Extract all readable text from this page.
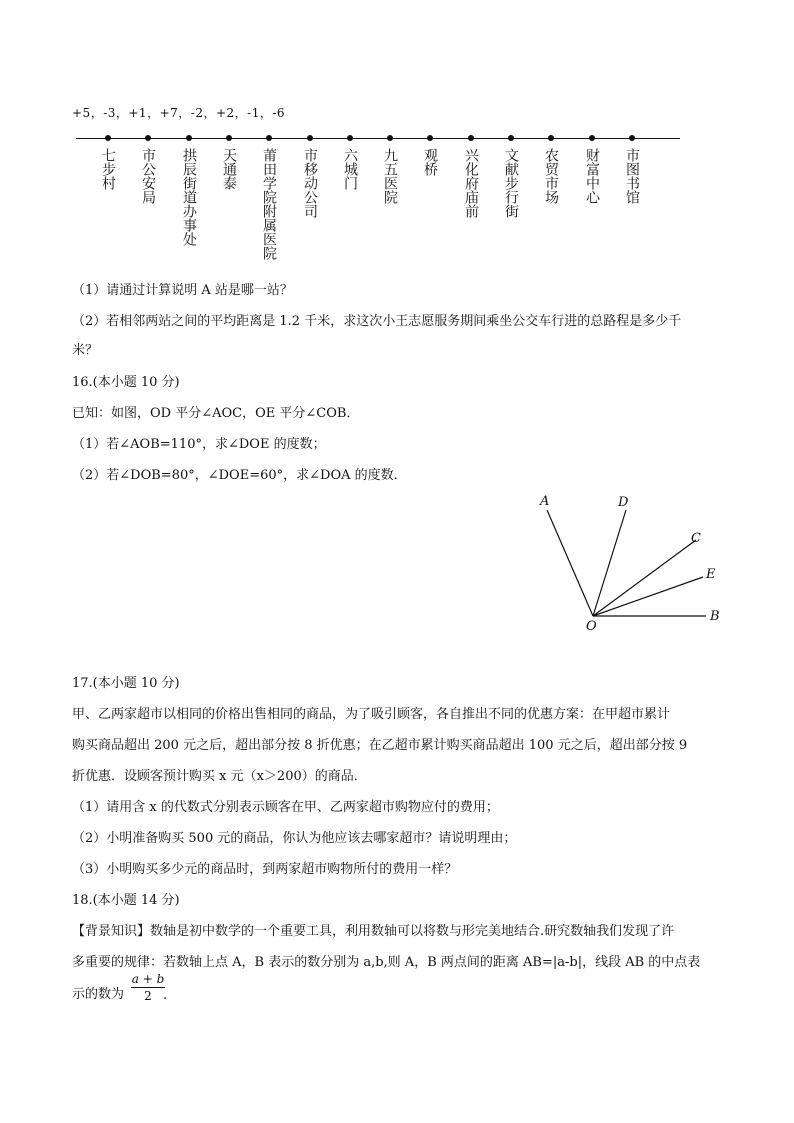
+5，-3，+1，+7，-2，+2，-1，-6
七步村 市公安局 拱辰街道办事处 天通泰 莆田学院附属医院 市移动公司 六城门 九五医院 观桥 兴化府庙前 文献步行街 农贸市场 财富中心 市图书馆
（1）请通过计算说明 A 站是哪一站？
（2）若相邻两站之间的平均距离是 1.2 千米，求这次小王志愿服务期间乘坐公交车行进的总路程是多少千
米？
16.(本小题 10 分)
已知：如图，OD 平分∠AOC，OE 平分∠COB．
（1）若∠AOB=110°，求∠DOE 的度数；
（2）若∠DOB=80°，∠DOE=60°，求∠DOA 的度数．
A	D
C
E
B
O
17.(本小题 10 分)
甲、乙两家超市以相同的价格出售相同的商品，为了吸引顾客，各自推出不同的优惠方案：在甲超市累计
购买商品超出 200 元之后，超出部分按 8 折优惠；在乙超市累计购买商品超出 100 元之后，超出部分按 9
折优惠．设顾客预计购买 x 元（x＞200）的商品．
（1）请用含 x 的代数式分别表示顾客在甲、乙两家超市购物应付的费用；
（2）小明准备购买 500 元的商品，你认为他应该去哪家超市？请说明理由；
（3）小明购买多少元的商品时，到两家超市购物所付的费用一样？
18.(本小题 14 分)
【背景知识】数轴是初中数学的一个重要工具，利用数轴可以将数与形完美地结合.研究数轴我们发现了许
多重要的规律：若数轴上点 A，B 表示的数分别为 a,b,则 A，B 两点间的距离 AB=|a-b|，线段 AB 的中点表
示的数为
a + b
2 .
